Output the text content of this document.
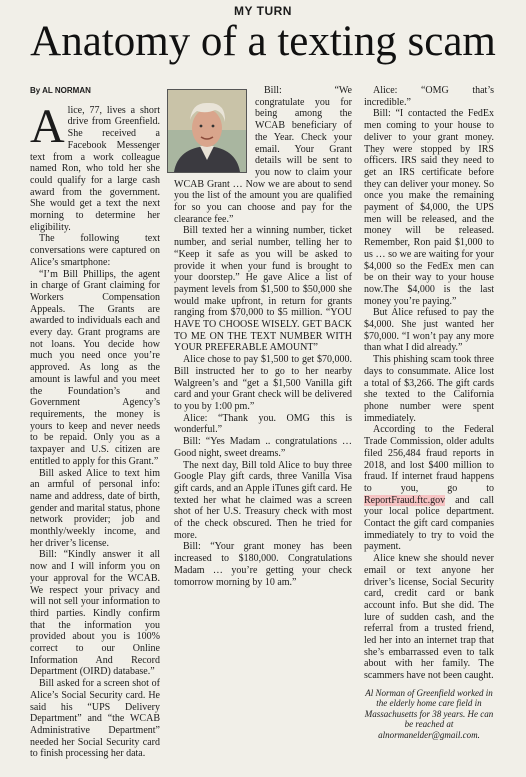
MY TURN
Anatomy of a texting scam
By AL NORMAN

Alice, 77, lives a short drive from Greenfield. She received a Facebook Messenger text from a work colleague named Ron, who told her she could qualify for a large cash award from the government. She would get a text the next morning to determine her eligibility.

The following text conversations were captured on Alice’s smartphone:

“I’m Bill Phillips, the agent in charge of Grant claiming for Workers Compensation Appeals. The Grants are awarded to individuals each and every day. Grant programs are not loans. You decide how much you need once you’re approved. As long as the amount is lawful and you meet the Foundation’s and Government Agency’s requirements, the money is yours to keep and never needs to be repaid. Only you as a taxpayer and U.S. citizen are entitled to apply for this Grant.”

Bill asked Alice to text him an armful of personal info: name and address, date of birth, gender and marital status, phone network provider; job and monthly/weekly income, and her driver’s license.

Bill: “Kindly answer it all now and I will inform you on your approval for the WCAB. We respect your privacy and will not sell your information to third parties. Kindly confirm that the information you provided about you is 100% correct to our Online Information And Record Department (OIRD) database.”

Bill asked for a screen shot of Alice’s Social Security card. He said his “UPS Delivery Department” and “the WCAB Administrative Department” needed her Social Security card to finish processing her data.

Bill: “We congratulate you for being among the WCAB beneficiary of the Year. Check your email. Your Grant details will be sent to you now to claim your WCAB Grant … Now we are about to send you the list of the amount you are qualified for so you can choose and pay for the clearance fee.”

Bill texted her a winning number, ticket number, and serial number, telling her to “Keep it safe as you will be asked to provide it when your fund is brought to your doorstep.” He gave Alice a list of payment levels from $1,500 to $50,000 she would make upfront, in return for grants ranging from $70,000 to $5 million. “YOU HAVE TO CHOOSE WISELY. GET BACK TO ME ON THE TEXT NUMBER WITH YOUR PREFERABLE AMOUNT”

Alice chose to pay $1,500 to get $70,000. Bill instructed her to go to her nearby Walgreen’s and “get a $1,500 Vanilla gift card and your Grant check will be delivered to you by 1:00 pm.”

Alice: “Thank you. OMG this is wonderful.”

Bill: “Yes Madam .. congratulations … Good night, sweet dreams.”

The next day, Bill told Alice to buy three Google Play gift cards, three Vanilla Visa gift cards, and an Apple iTunes gift card. He texted her what he claimed was a screen shot of her U.S. Treasury check with most of the check obscured. Then he tried for more.

Bill: “Your grant money has been increased to $180,000. Congratulations Madam … you’re getting your check tomorrow morning by 10 am.”

Alice: “OMG that’s incredible.”

Bill: “I contacted the FedEx men coming to your house to deliver to your grant money. They were stopped by IRS officers. IRS said they need to get an IRS certificate before they can deliver your money. So once you make the remaining payment of $4,000, the UPS men will be released, and the money will be released. Remember, Ron paid $1,000 to us … so we are waiting for your $4,000 so the FedEx men can be on their way to your house now.The $4,000 is the last money you’re paying.”

But Alice refused to pay the $4,000. She just wanted her $70,000. “I won’t pay any more than what I did already.”

This phishing scam took three days to consummate. Alice lost a total of $3,266. The gift cards she texted to the California phone number were spent immediately.

According to the Federal Trade Commission, older adults filed 256,484 fraud reports in 2018, and lost $400 million to fraud. If internet fraud happens to you, go to ReportFraud.ftc.gov and call your local police department. Contact the gift card companies immediately to try to void the payment.

Alice knew she should never email or text anyone her driver’s license, Social Security card, credit card or bank account info. But she did. The lure of sudden cash, and the referral from a trusted friend, led her into an internet trap that she’s embarrassed even to talk about with her family. The scammers have not been caught.

Al Norman of Greenfield worked in the elderly home care field in Massachusetts for 38 years. He can be reached at alnormanelder@gmail.com.
